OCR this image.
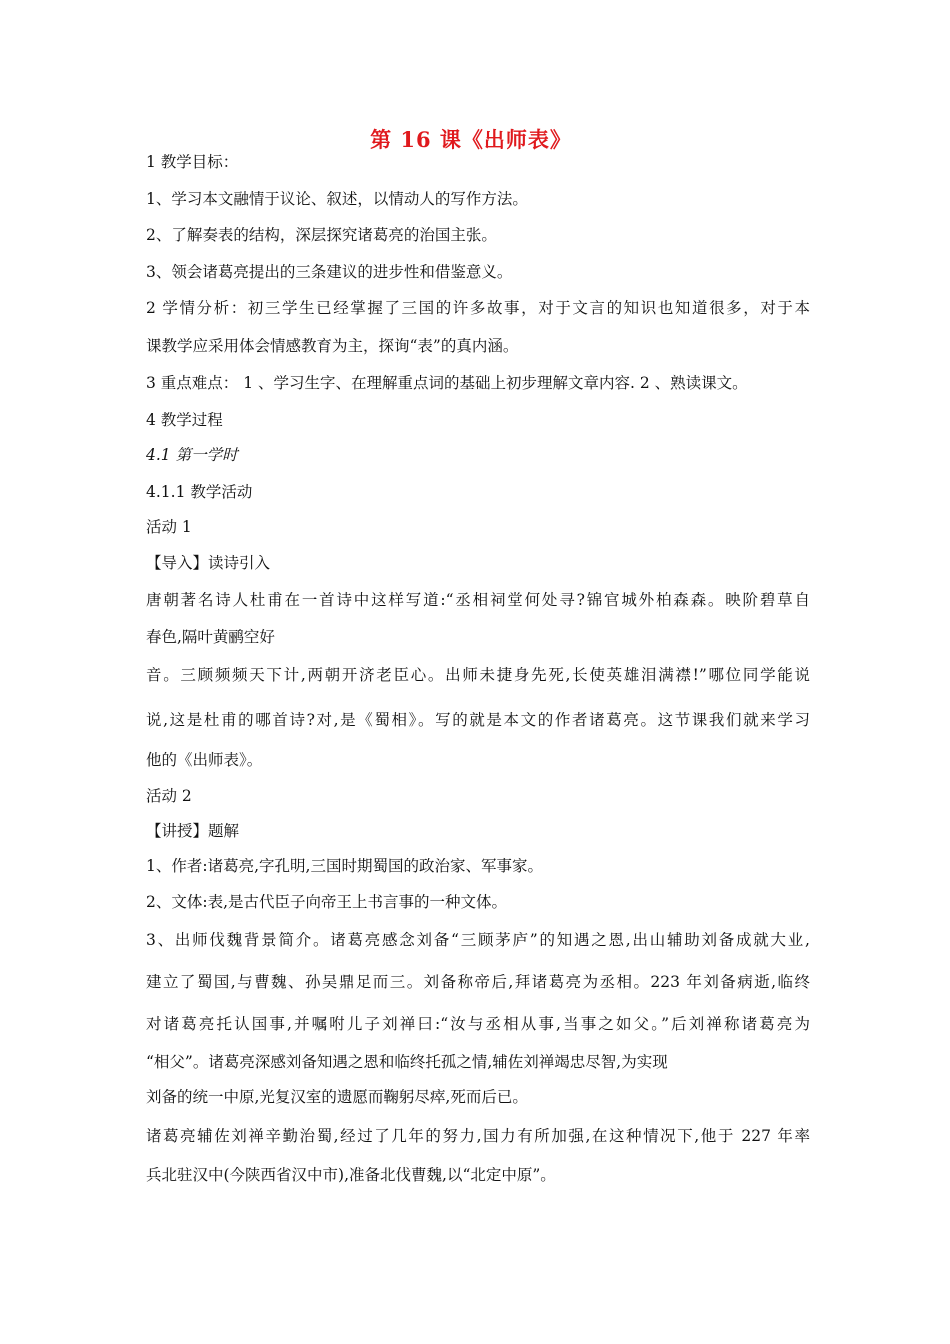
第 16 课《出师表》
1 教学目标：
1、学习本文融情于议论、叙述，以情动人的写作方法。
2、了解奏表的结构，深层探究诸葛亮的治国主张。
3、领会诸葛亮提出的三条建议的进步性和借鉴意义。
2 学情分析：初三学生已经掌握了三国的许多故事，对于文言的知识也知道很多，对于本
课教学应采用体会情感教育为主，探询“表”的真内涵。
3 重点难点： 1 、学习生字、在理解重点词的基础上初步理解文章内容. 2 、熟读课文。
4 教学过程
4.1 第一学时
4.1.1 教学活动
活动 1
【导入】读诗引入
唐朝著名诗人杜甫在一首诗中这样写道:“丞相祠堂何处寻?锦官城外柏森森。映阶碧草自
春色,隔叶黄鹂空好
音。三顾频频天下计,两朝开济老臣心。出师未捷身先死,长使英雄泪满襟!”哪位同学能说
说,这是杜甫的哪首诗?对,是《蜀相》。写的就是本文的作者诸葛亮。这节课我们就来学习
他的《出师表》。
活动 2
【讲授】题解
1、作者:诸葛亮,字孔明,三国时期蜀国的政治家、军事家。
2、文体:表,是古代臣子向帝王上书言事的一种文体。
3、出师伐魏背景简介。诸葛亮感念刘备“三顾茅庐”的知遇之恩,出山辅助刘备成就大业,
建立了蜀国,与曹魏、孙吴鼎足而三。刘备称帝后,拜诸葛亮为丞相。223 年刘备病逝,临终
对诸葛亮托认国事,并嘱咐儿子刘禅曰:“汝与丞相从事,当事之如父。”后刘禅称诸葛亮为
“相父”。诸葛亮深感刘备知遇之恩和临终托孤之情,辅佐刘禅竭忠尽智,为实现
刘备的统一中原,光复汉室的遗愿而鞠躬尽瘁,死而后已。
诸葛亮辅佐刘禅辛勤治蜀,经过了几年的努力,国力有所加强,在这种情况下,他于 227 年率
兵北驻汉中(今陕西省汉中市),准备北伐曹魏,以“北定中原”。
